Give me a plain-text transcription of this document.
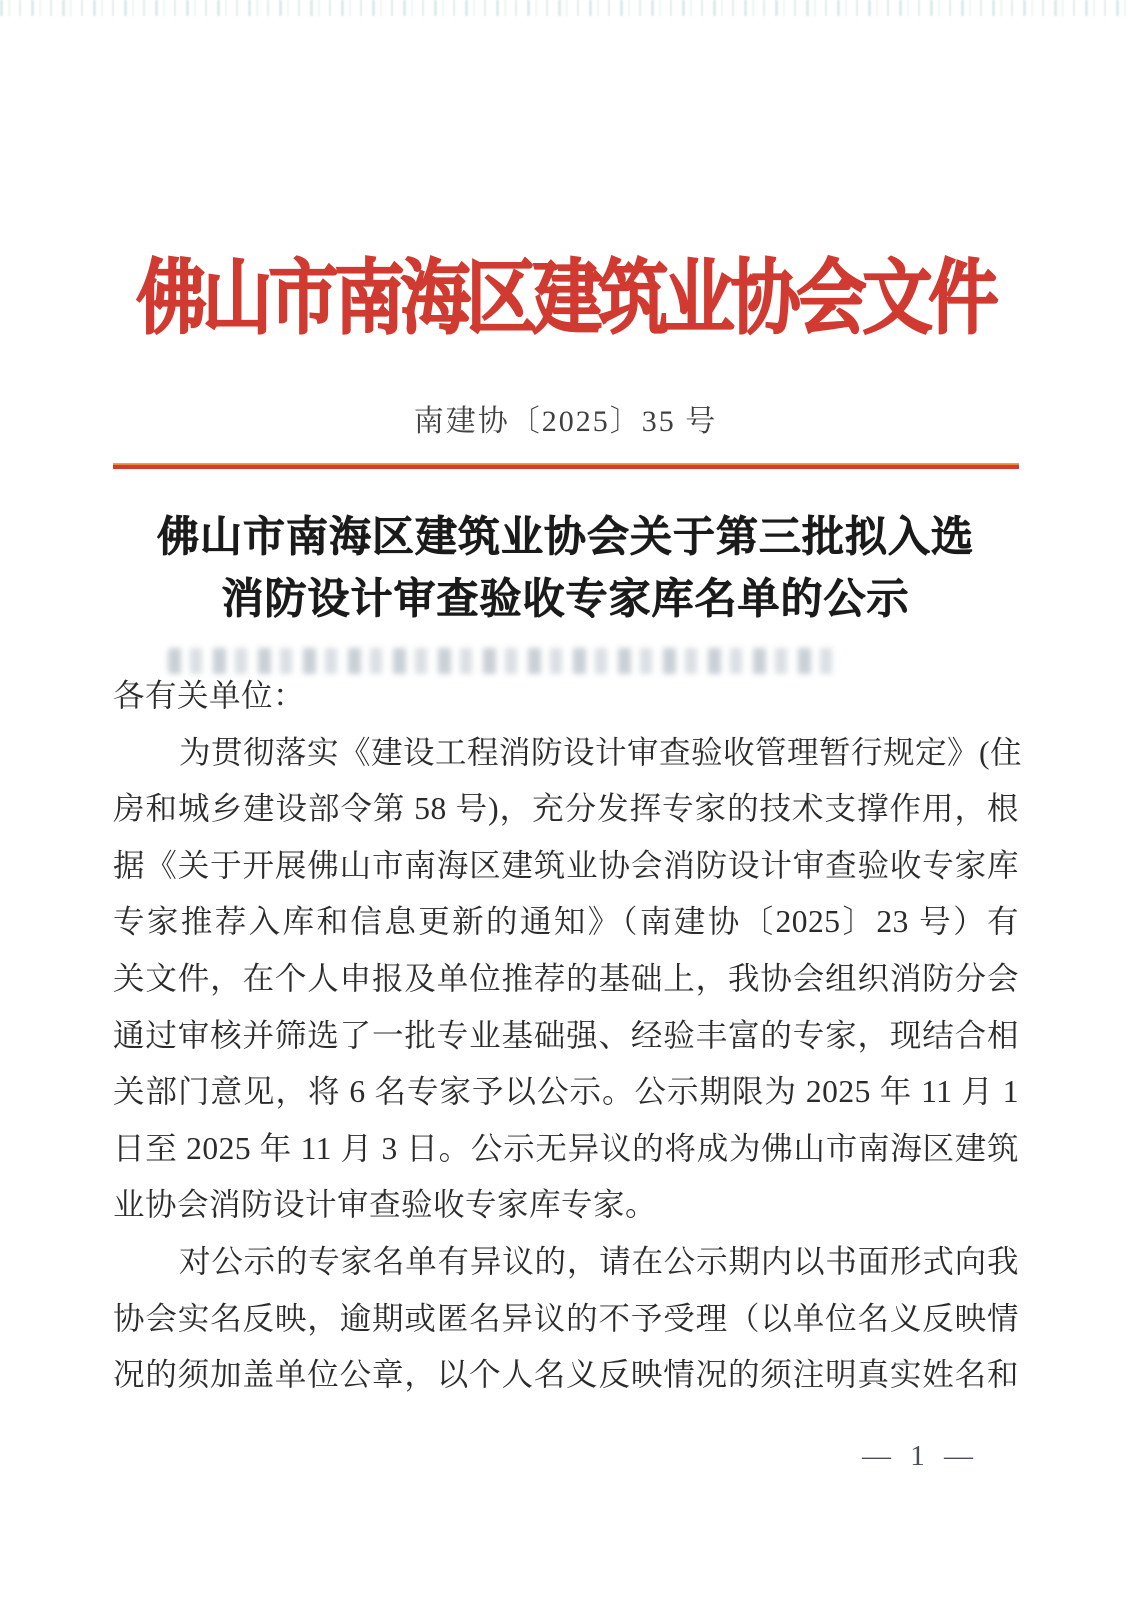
佛山市南海区建筑业协会文件
南建协〔2025〕35 号
佛山市南海区建筑业协会关于第三批拟入选
消防设计审查验收专家库名单的公示
各有关单位：
为贯彻落实《建设工程消防设计审查验收管理暂行规定》(住
房和城乡建设部令第 58 号)，充分发挥专家的技术支撑作用，根
据《关于开展佛山市南海区建筑业协会消防设计审查验收专家库
专家推荐入库和信息更新的通知》（南建协〔2025〕23 号）有
关文件，在个人申报及单位推荐的基础上，我协会组织消防分会
通过审核并筛选了一批专业基础强、经验丰富的专家，现结合相
关部门意见，将 6 名专家予以公示。公示期限为 2025 年 11 月 1
日至 2025 年 11 月 3 日。公示无异议的将成为佛山市南海区建筑
业协会消防设计审查验收专家库专家。
对公示的专家名单有异议的，请在公示期内以书面形式向我
协会实名反映，逾期或匿名异议的不予受理（以单位名义反映情
况的须加盖单位公章，以个人名义反映情况的须注明真实姓名和
— 1 —
